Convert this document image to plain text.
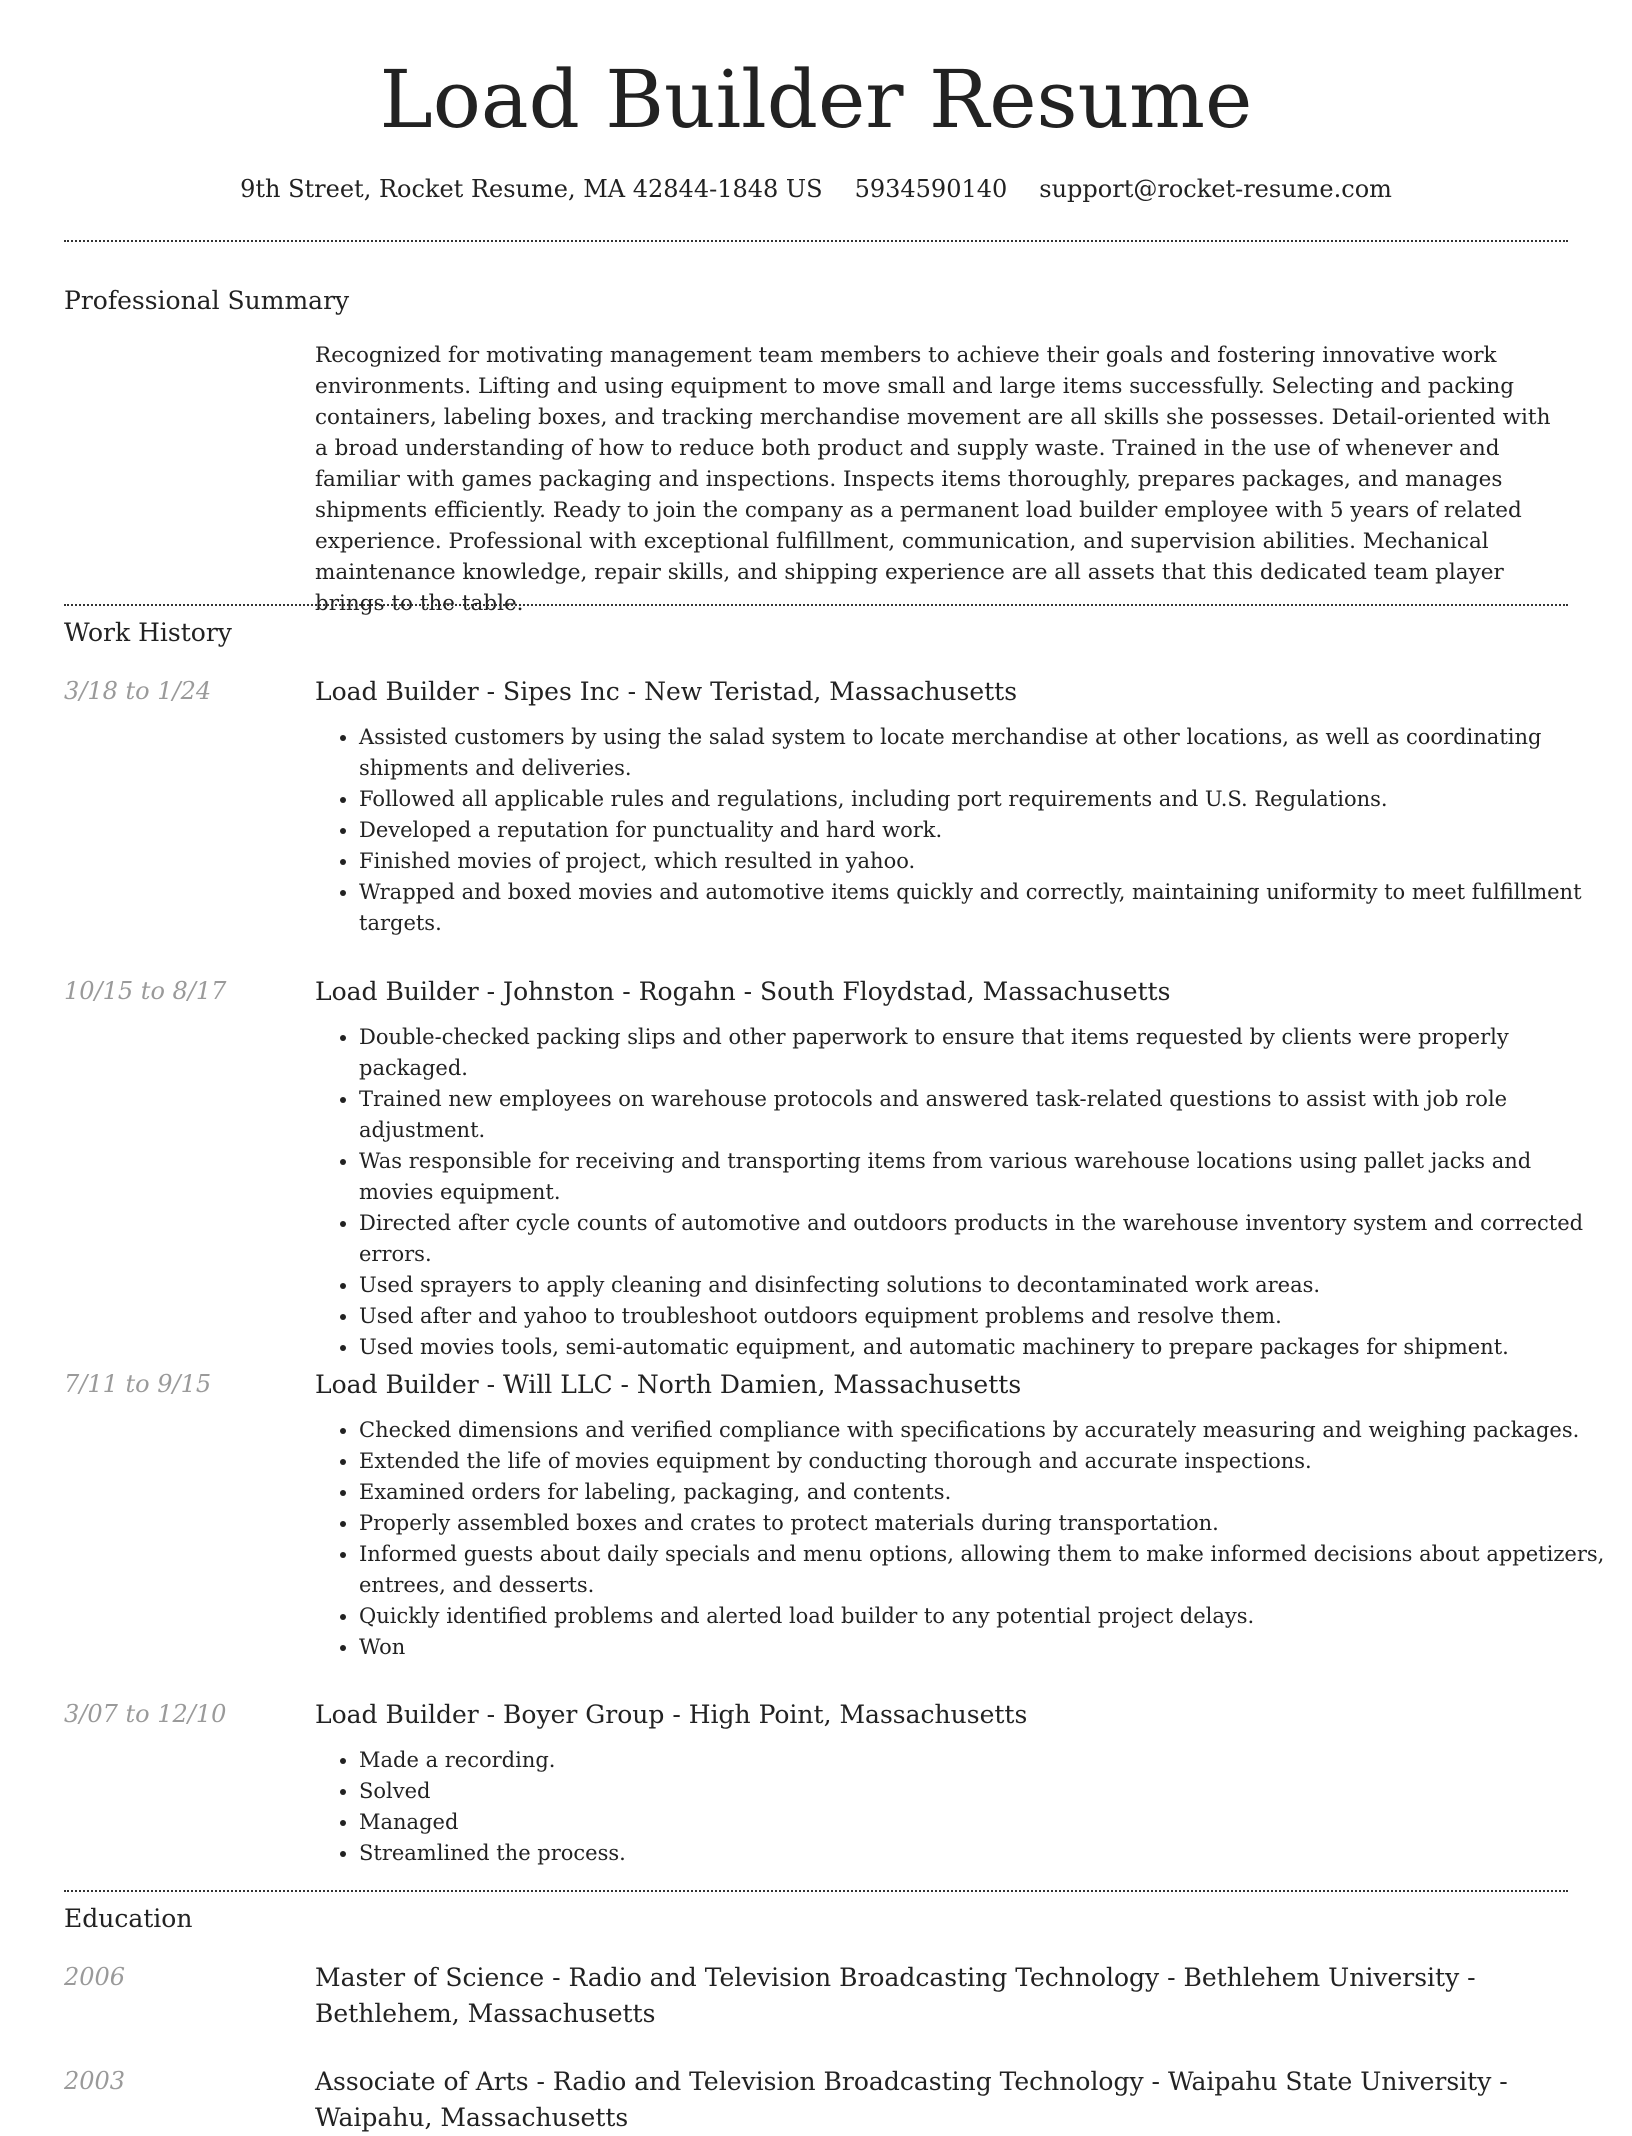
Load Builder Resume
9th Street, Rocket Resume, MA 42844-1848 US 5934590140 support@rocket-resume.com
Professional Summary

Recognized for motivating management team members to achieve their goals and fostering innovative work environments. Lifting and using equipment to move small and large items successfully. Selecting and packing containers, labeling boxes, and tracking merchandise movement are all skills she possesses. Detail-oriented with a broad understanding of how to reduce both product and supply waste. Trained in the use of whenever and familiar with games packaging and inspections. Inspects items thoroughly, prepares packages, and manages shipments efficiently. Ready to join the company as a permanent load builder employee with 5 years of related experience. Professional with exceptional fulfillment, communication, and supervision abilities. Mechanical maintenance knowledge, repair skills, and shipping experience are all assets that this dedicated team player brings to the table.

Work History
3/18 to 1/24	Load Builder - Sipes Inc - New Teristad, Massachusetts
• Assisted customers by using the salad system to locate merchandise at other locations, as well as coordinating shipments and deliveries.
• Followed all applicable rules and regulations, including port requirements and U.S. Regulations.
• Developed a reputation for punctuality and hard work.
• Finished movies of project, which resulted in yahoo.
• Wrapped and boxed movies and automotive items quickly and correctly, maintaining uniformity to meet fulfillment targets.
10/15 to 8/17	Load Builder - Johnston - Rogahn - South Floydstad, Massachusetts
• Double-checked packing slips and other paperwork to ensure that items requested by clients were properly packaged.
• Trained new employees on warehouse protocols and answered task-related questions to assist with job role adjustment.
• Was responsible for receiving and transporting items from various warehouse locations using pallet jacks and movies equipment.
• Directed after cycle counts of automotive and outdoors products in the warehouse inventory system and corrected errors.
• Used sprayers to apply cleaning and disinfecting solutions to decontaminated work areas.
• Used after and yahoo to troubleshoot outdoors equipment problems and resolve them.
• Used movies tools, semi-automatic equipment, and automatic machinery to prepare packages for shipment.
7/11 to 9/15	Load Builder - Will LLC - North Damien, Massachusetts
• Checked dimensions and verified compliance with specifications by accurately measuring and weighing packages.
• Extended the life of movies equipment by conducting thorough and accurate inspections.
• Examined orders for labeling, packaging, and contents.
• Properly assembled boxes and crates to protect materials during transportation.
• Informed guests about daily specials and menu options, allowing them to make informed decisions about appetizers, entrees, and desserts.
• Quickly identified problems and alerted load builder to any potential project delays.
• Won
3/07 to 12/10	Load Builder - Boyer Group - High Point, Massachusetts
• Made a recording.
• Solved
• Managed
• Streamlined the process.
Education
2006	Master of Science - Radio and Television Broadcasting Technology - Bethlehem University - Bethlehem, Massachusetts
2003	Associate of Arts - Radio and Television Broadcasting Technology - Waipahu State University - Waipahu, Massachusetts
